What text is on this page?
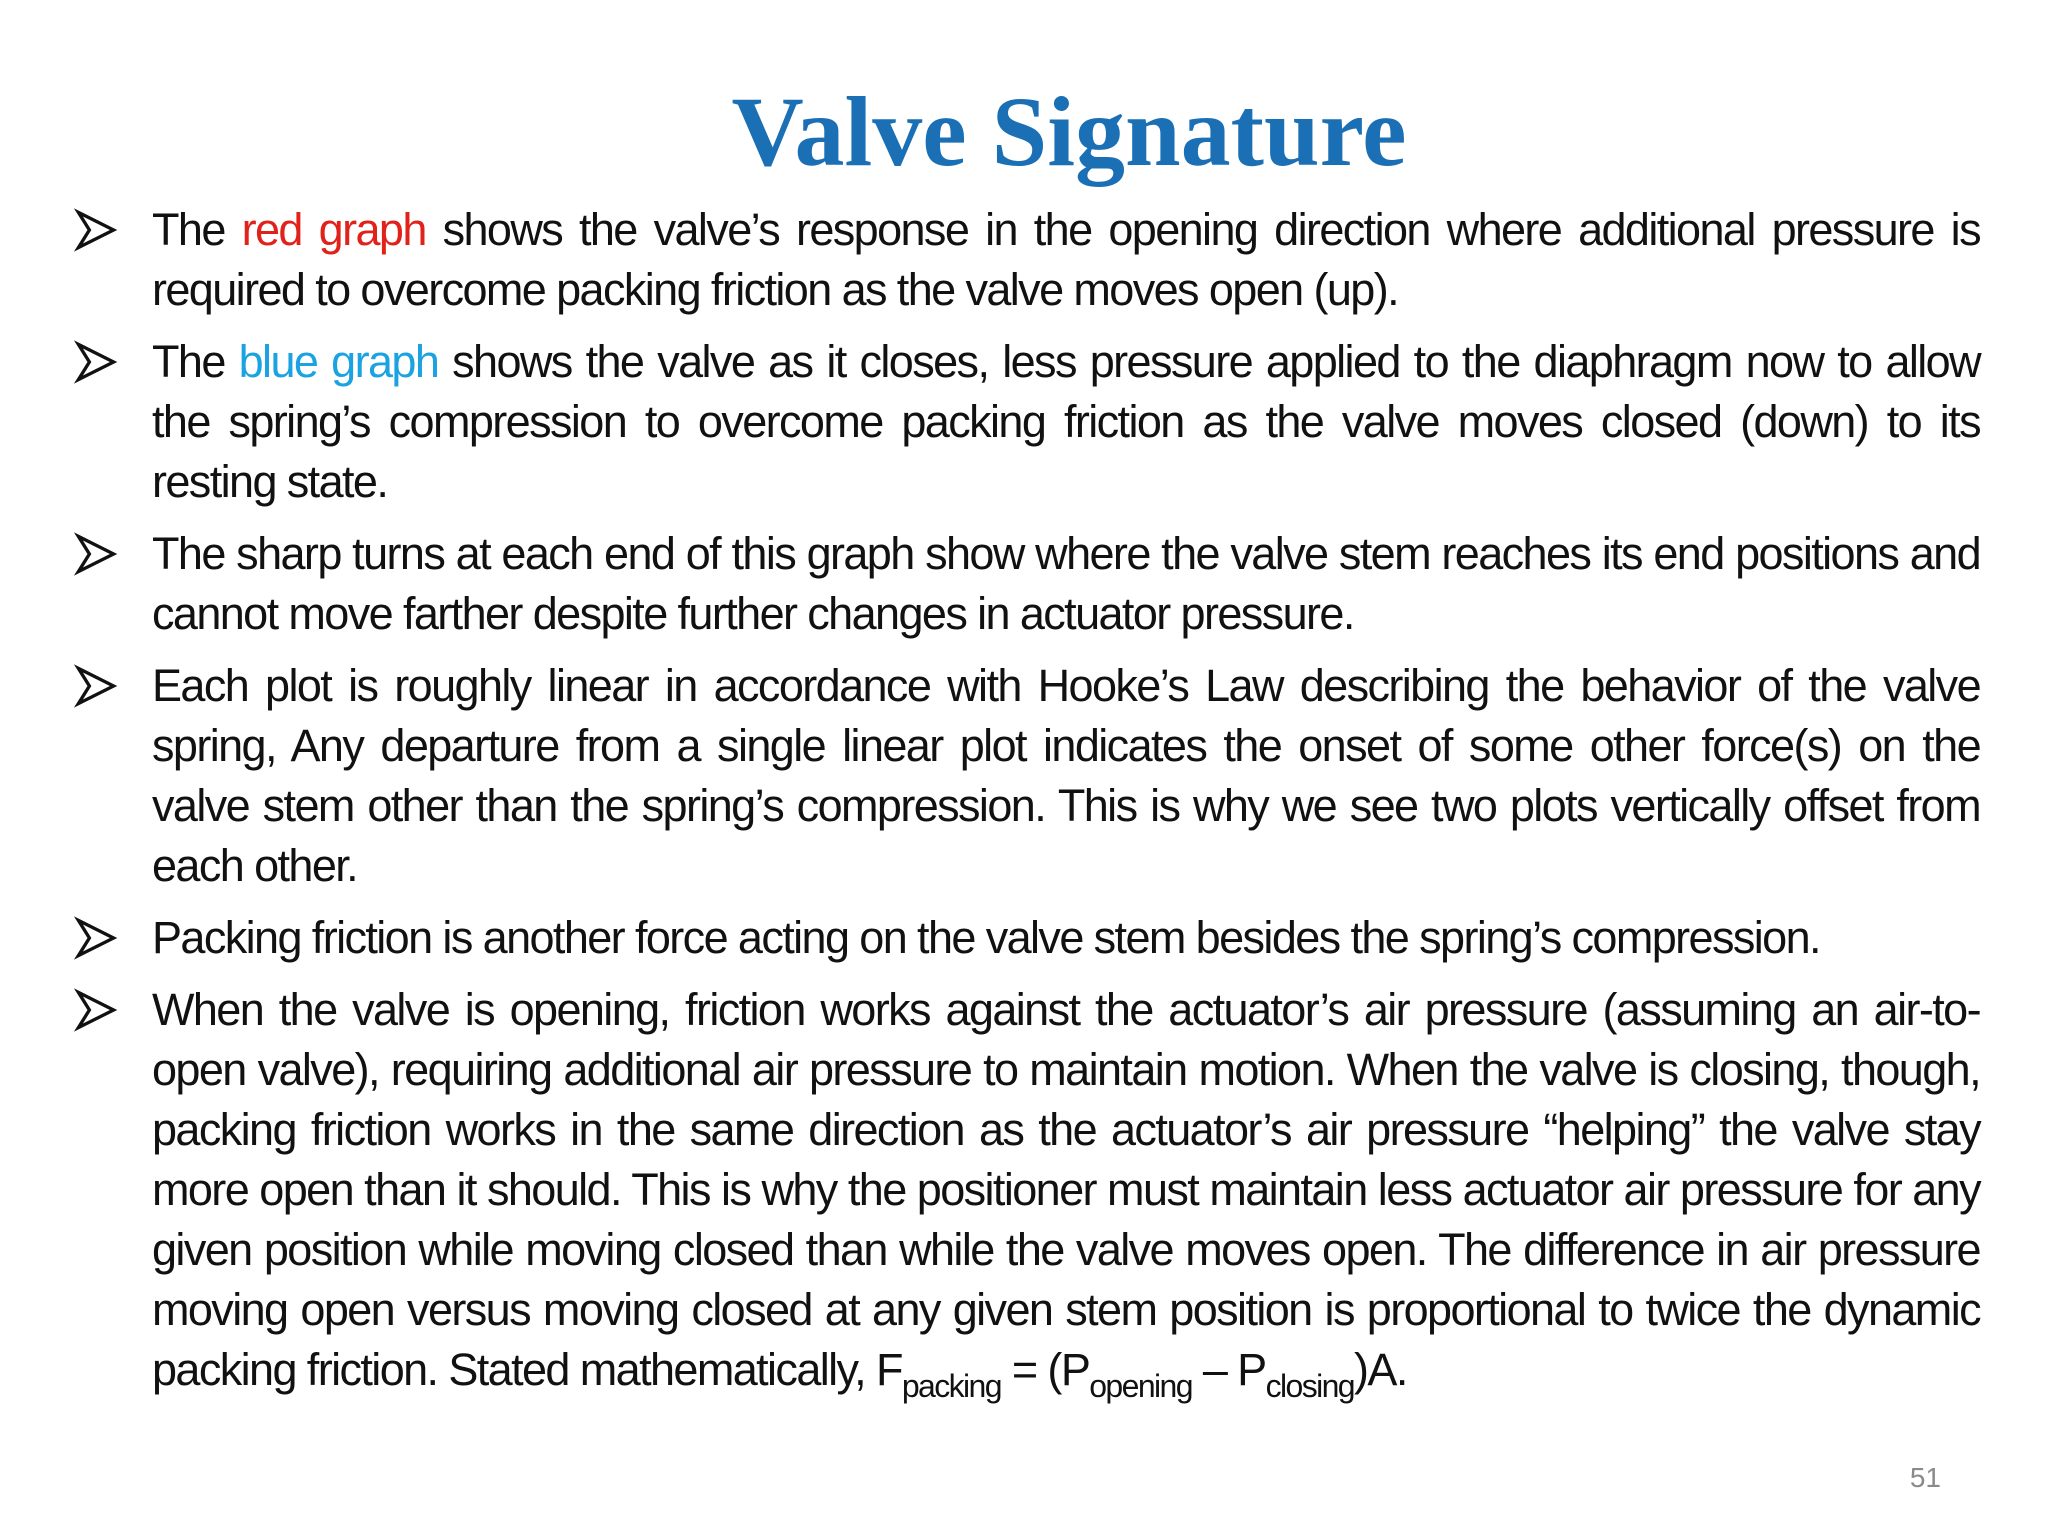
Valve Signature
The red graph shows the valve’s response in the opening direction where additional pressure is required to overcome packing friction as the valve moves open (up).
The blue graph shows the valve as it closes, less pressure applied to the diaphragm now to allow the spring’s compression to overcome packing friction as the valve moves closed (down) to its resting state.
The sharp turns at each end of this graph show where the valve stem reaches its end positions and cannot move farther despite further changes in actuator pressure.
Each plot is roughly linear in accordance with Hooke’s Law describing the behavior of the valve spring, Any departure from a single linear plot indicates the onset of some other force(s) on the valve stem other than the spring’s compression. This is why we see two plots vertically offset from each other.
Packing friction is another force acting on the valve stem besides the spring’s compression.
When the valve is opening, friction works against the actuator’s air pressure (assuming an air-to-open valve), requiring additional air pressure to maintain motion. When the valve is closing, though, packing friction works in the same direction as the actuator’s air pressure “helping” the valve stay more open than it should. This is why the positioner must maintain less actuator air pressure for any given position while moving closed than while the valve moves open. The difference in air pressure moving open versus moving closed at any given stem position is proportional to twice the dynamic packing friction. Stated mathematically, $F_{packing} = (P_{opening} - P_{closing})A$.
51
